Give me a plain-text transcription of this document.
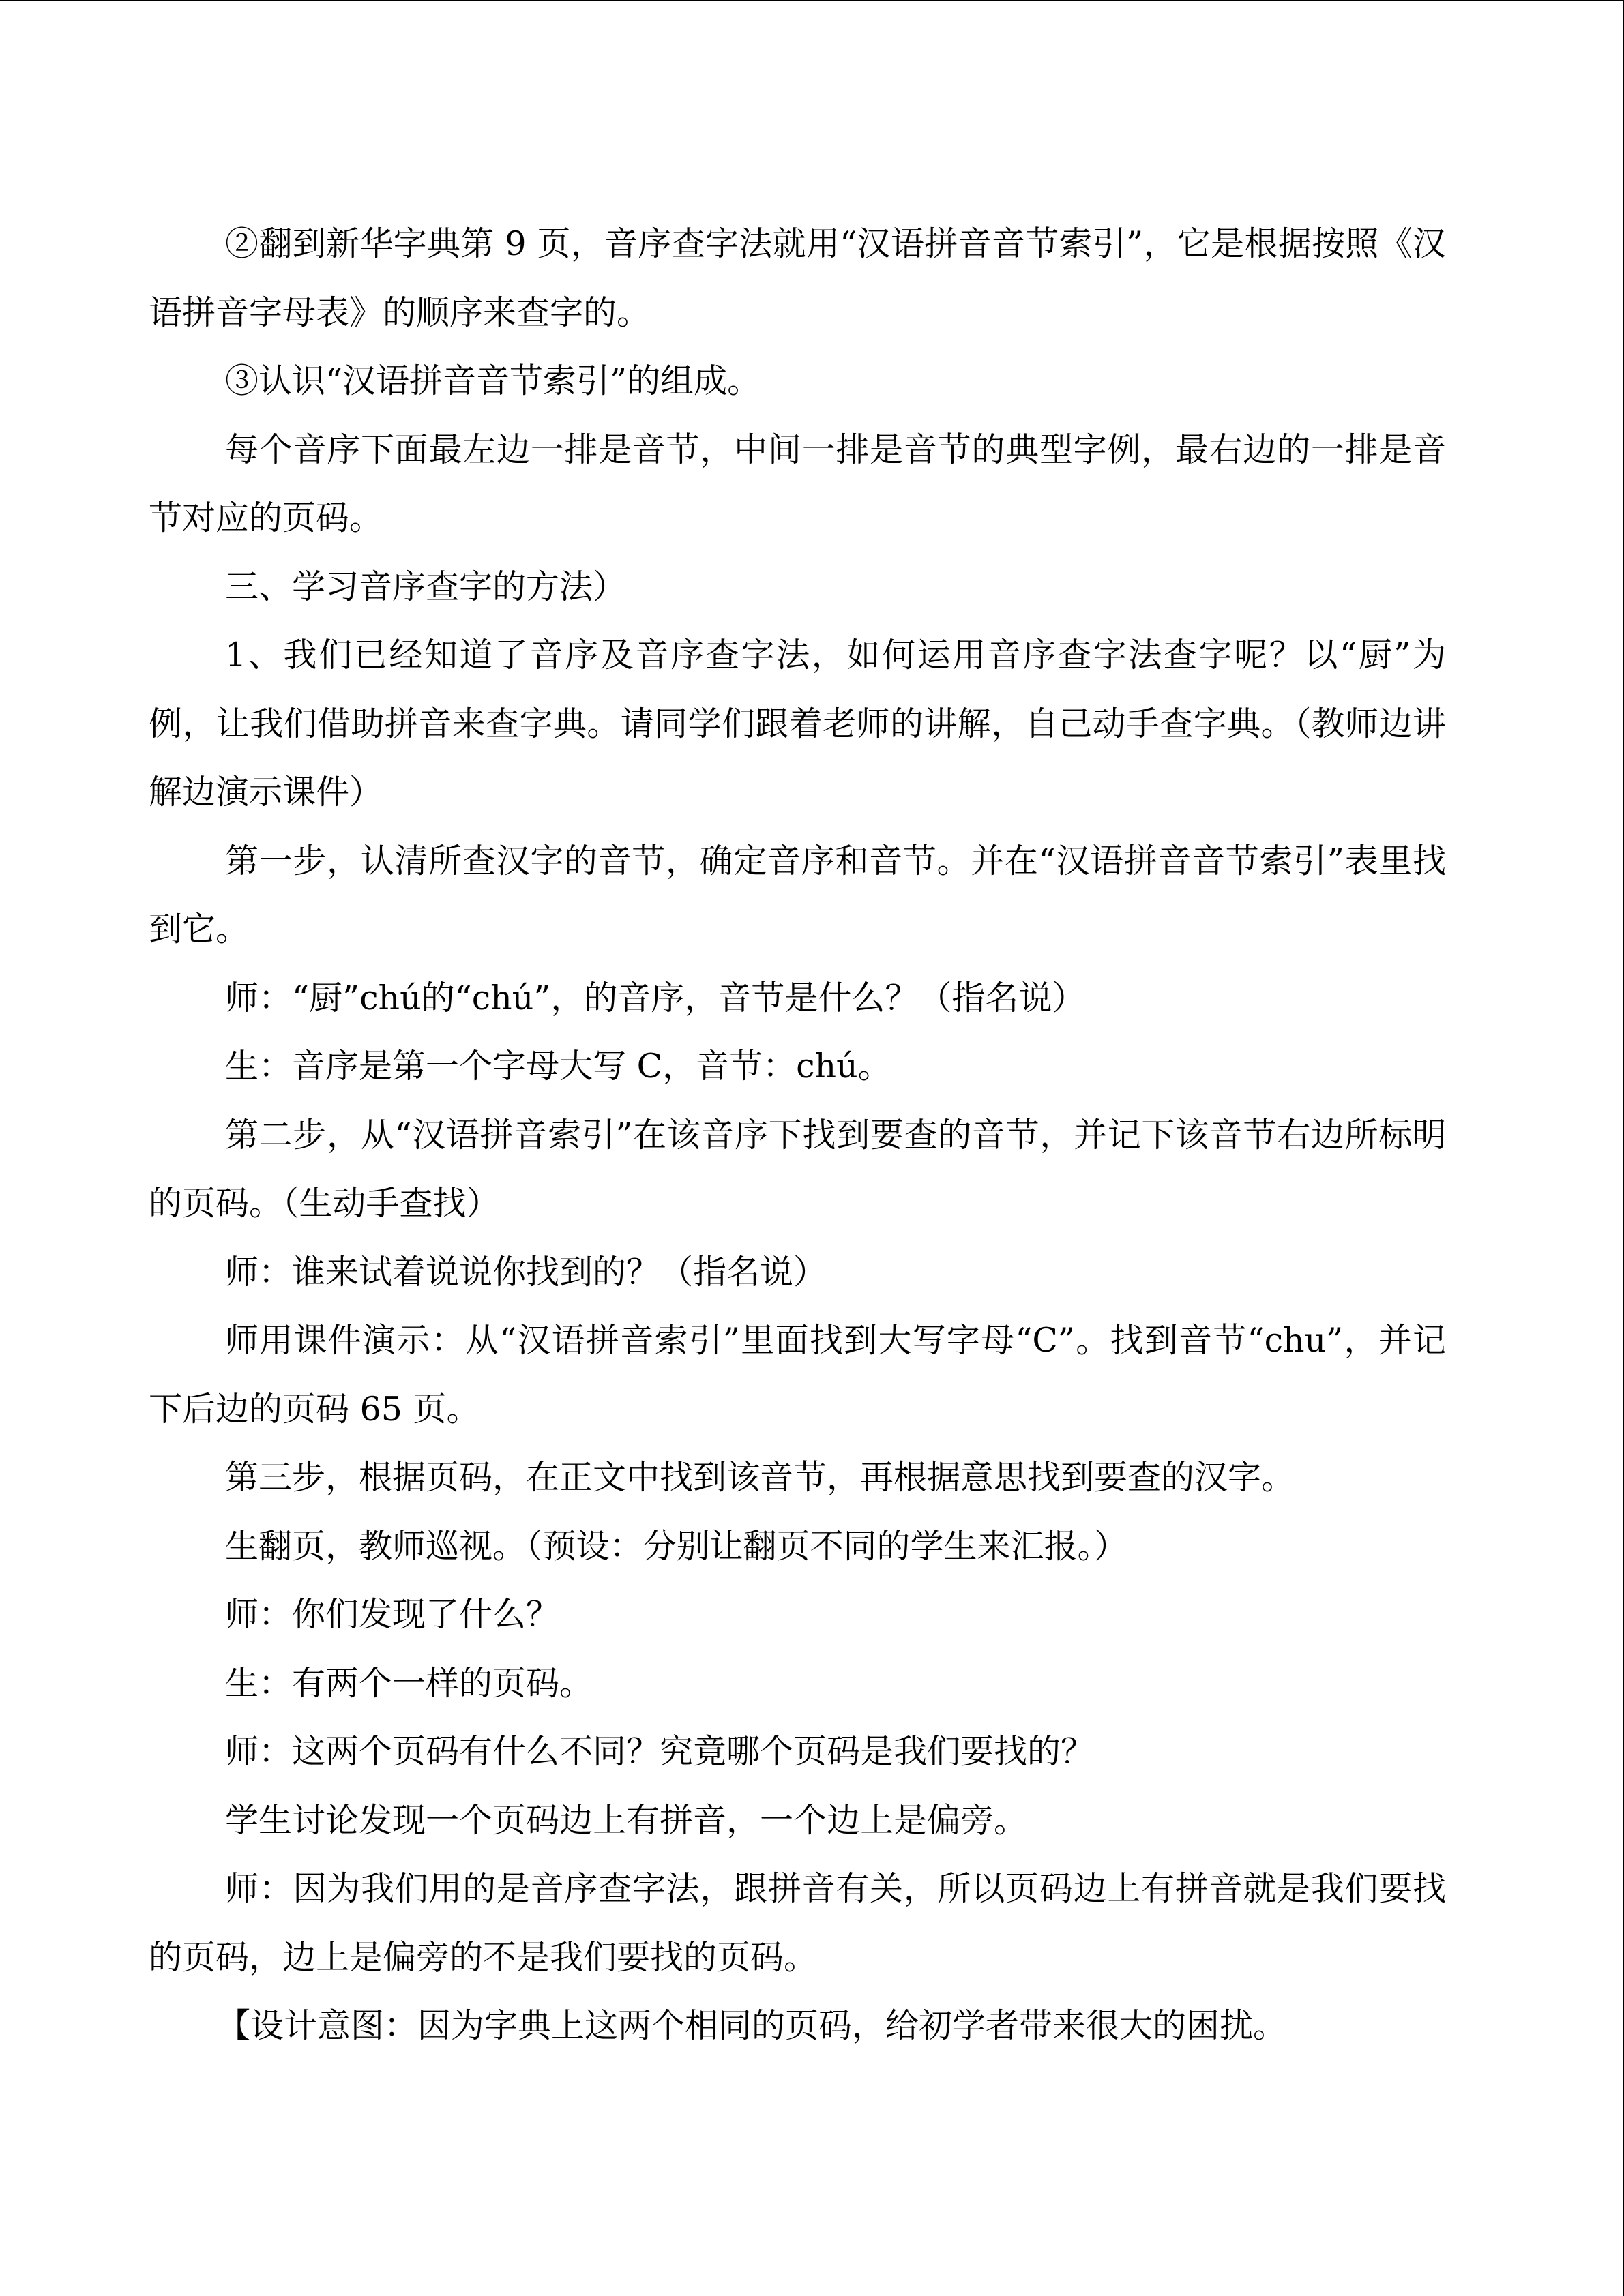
②翻到新华字典第 9 页，音序查字法就用“汉语拼音音节索引”，它是根据按照《汉语拼音字母表》的顺序来查字的。

③认识“汉语拼音音节索引”的组成。

每个音序下面最左边一排是音节，中间一排是音节的典型字例，最右边的一排是音节对应的页码。

三、学习音序查字的方法）

1、我们已经知道了音序及音序查字法，如何运用音序查字法查字呢？以“厨”为例，让我们借助拼音来查字典。请同学们跟着老师的讲解，自己动手查字典。（教师边讲解边演示课件）

第一步，认清所查汉字的音节，确定音序和音节。并在“汉语拼音音节索引”表里找到它。

师：“厨”chú的“chú”，的音序，音节是什么？（指名说）

生：音序是第一个字母大写 C，音节：chú。

第二步，从“汉语拼音索引”在该音序下找到要查的音节，并记下该音节右边所标明的页码。（生动手查找）

师：谁来试着说说你找到的？（指名说）

师用课件演示：从“汉语拼音索引”里面找到大写字母“C”。找到音节“chu”，并记下后边的页码 65 页。

第三步，根据页码，在正文中找到该音节，再根据意思找到要查的汉字。

生翻页，教师巡视。（预设：分别让翻页不同的学生来汇报。）

师：你们发现了什么？

生：有两个一样的页码。

师：这两个页码有什么不同？究竟哪个页码是我们要找的？

学生讨论发现一个页码边上有拼音，一个边上是偏旁。

师：因为我们用的是音序查字法，跟拼音有关，所以页码边上有拼音就是我们要找的页码，边上是偏旁的不是我们要找的页码。

【设计意图：因为字典上这两个相同的页码，给初学者带来很大的困扰。
